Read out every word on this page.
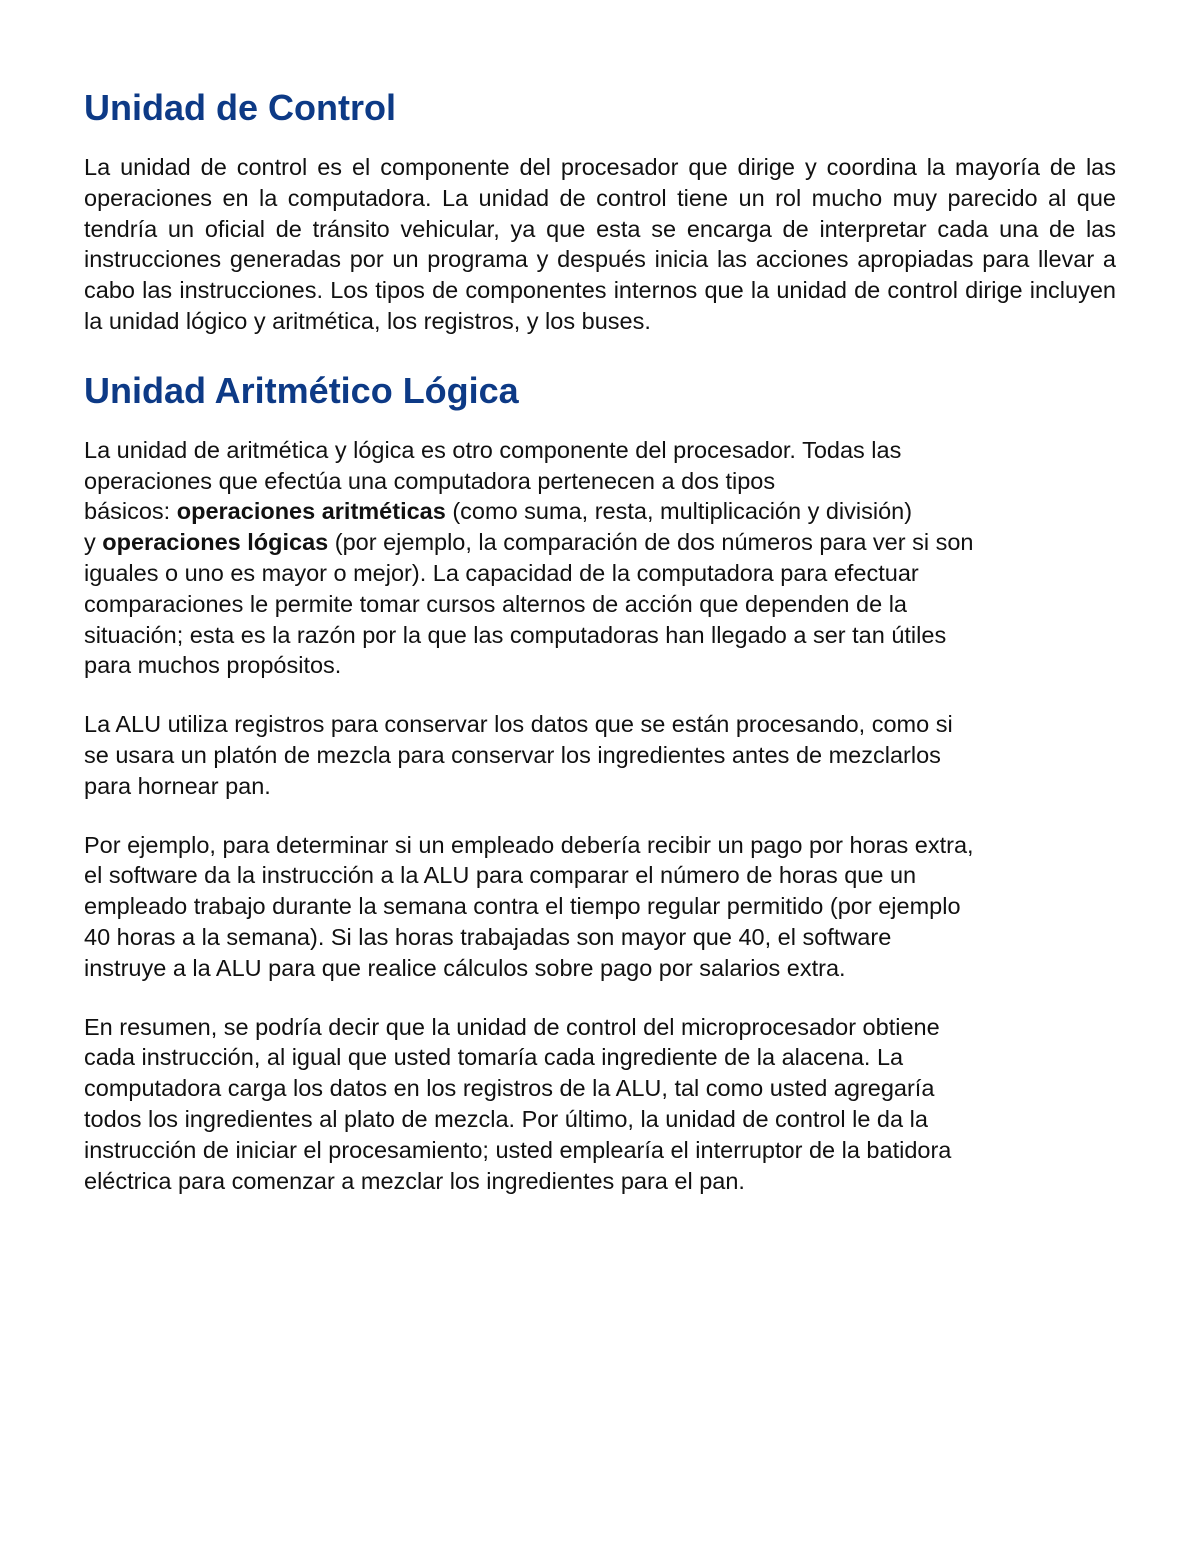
Unidad de Control

La unidad de control es el componente del procesador que dirige y coordina la mayoría de las operaciones en la computadora. La unidad de control tiene un rol mucho muy parecido al que tendría un oficial de tránsito vehicular, ya que esta se encarga de interpretar cada una de las instrucciones generadas por un programa y después inicia las acciones apropiadas para llevar a cabo las instrucciones. Los tipos de componentes internos que la unidad de control dirige incluyen la unidad lógico y aritmética, los registros, y los buses.

Unidad Aritmético Lógica

La unidad de aritmética y lógica es otro componente del procesador. Todas las
operaciones que efectúa una computadora pertenecen a dos tipos
básicos: operaciones aritméticas (como suma, resta, multiplicación y división)
y operaciones lógicas (por ejemplo, la comparación de dos números para ver si son
iguales o uno es mayor o mejor). La capacidad de la computadora para efectuar
comparaciones le permite tomar cursos alternos de acción que dependen de la
situación; esta es la razón por la que las computadoras han llegado a ser tan útiles
para muchos propósitos.

La ALU utiliza registros para conservar los datos que se están procesando, como si
se usara un platón de mezcla para conservar los ingredientes antes de mezclarlos
para hornear pan.

Por ejemplo, para determinar si un empleado debería recibir un pago por horas extra,
el software da la instrucción a la ALU para comparar el número de horas que un
empleado trabajo durante la semana contra el tiempo regular permitido (por ejemplo
40 horas a la semana). Si las horas trabajadas son mayor que 40, el software
instruye a la ALU para que realice cálculos sobre pago por salarios extra.

En resumen, se podría decir que la unidad de control del microprocesador obtiene
cada instrucción, al igual que usted tomaría cada ingrediente de la alacena. La
computadora carga los datos en los registros de la ALU, tal como usted agregaría
todos los ingredientes al plato de mezcla. Por último, la unidad de control le da la
instrucción de iniciar el procesamiento; usted emplearía el interruptor de la batidora
eléctrica para comenzar a mezclar los ingredientes para el pan.
